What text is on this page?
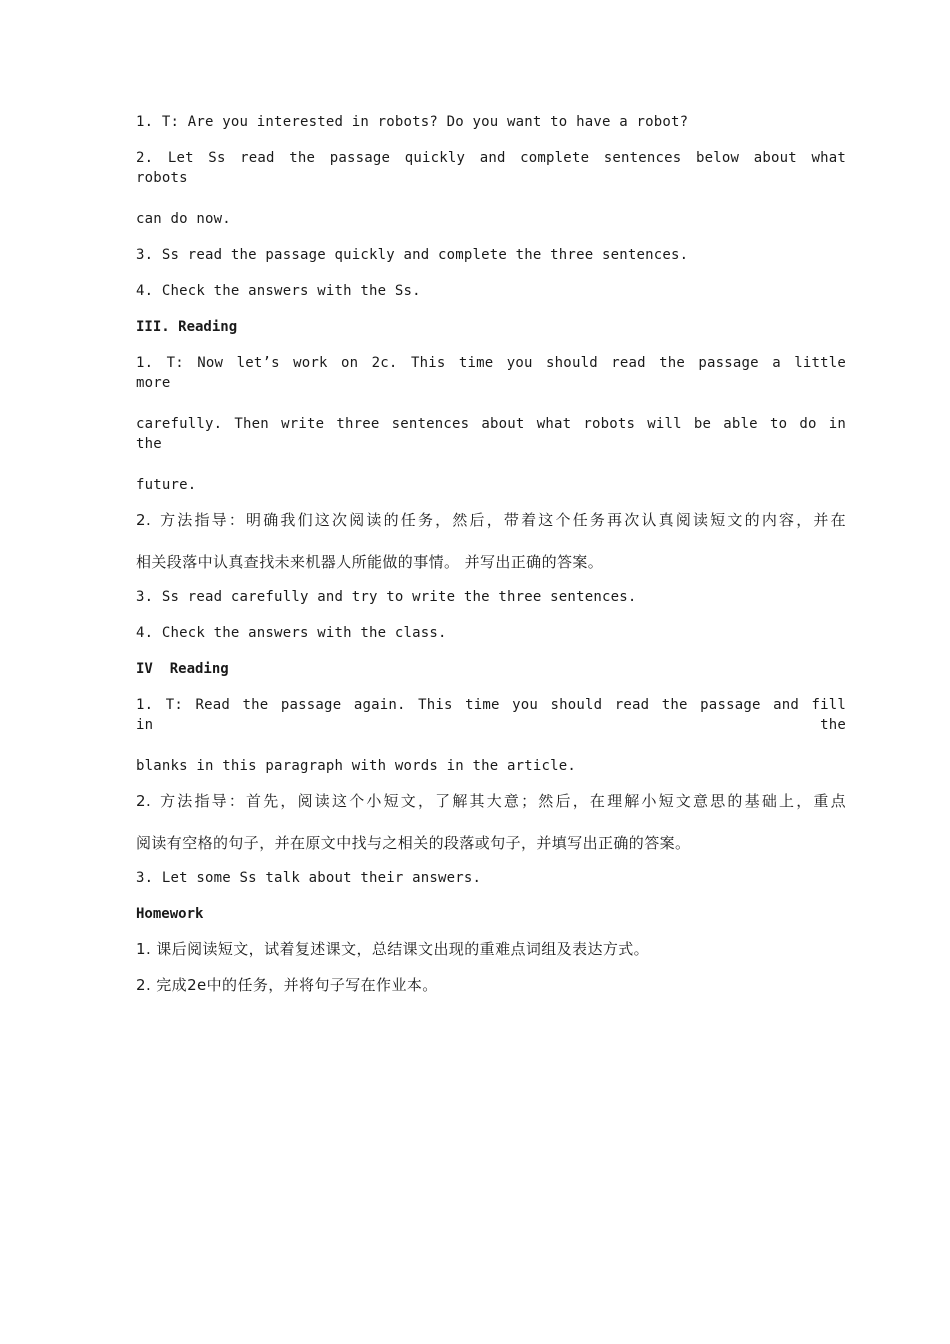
1. T: Are you interested in robots? Do you want to have a robot?

2. Let Ss read the passage quickly and complete sentences below about what robots

can do now.

3. Ss read the passage quickly and complete the three sentences.

4. Check the answers with the Ss.

III. Reading

1. T: Now let’s work on 2c. This time you should read the passage a little more

carefully. Then write three sentences about what robots will be able to do in the

future.

2. 方法指导：明确我们这次阅读的任务，然后，带着这个任务再次认真阅读短文的内容，并在

相关段落中认真查找未来机器人所能做的事情。 并写出正确的答案。

3. Ss read carefully and try to write the three sentences.

4. Check the answers with the class.

IV  Reading

1. T: Read the passage again. This time you should read the passage and fill in the

blanks in this paragraph with words in the article.

2. 方法指导：首先，阅读这个小短文，了解其大意；然后，在理解小短文意思的基础上，重点

阅读有空格的句子，并在原文中找与之相关的段落或句子，并填写出正确的答案。

3. Let some Ss talk about their answers.

Homework

1. 课后阅读短文，试着复述课文，总结课文出现的重难点词组及表达方式。

2. 完成2e中的任务，并将句子写在作业本。
